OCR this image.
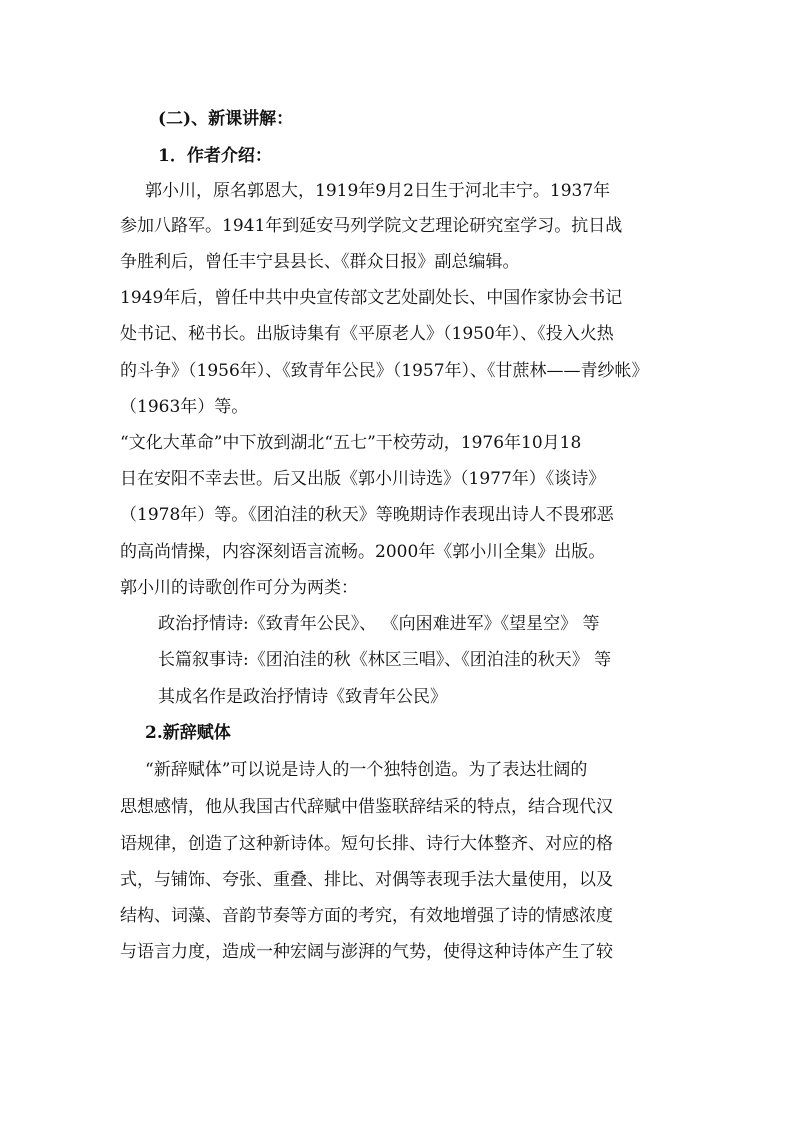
(二)、新课讲解：
1．作者介绍：
郭小川，原名郭恩大，1919年9月2日生于河北丰宁。1937年
参加八路军。1941年到延安马列学院文艺理论研究室学习。抗日战
争胜利后，曾任丰宁县县长、《群众日报》副总编辑。
1949年后，曾任中共中央宣传部文艺处副处长、中国作家协会书记
处书记、秘书长。出版诗集有《平原老人》（1950年）、《投入火热
的斗争》（1956年）、《致青年公民》（1957年）、《甘蔗林——青纱帐》
（1963年）等。
“文化大革命”中下放到湖北“五七”干校劳动，1976年10月18
日在安阳不幸去世。后又出版《郭小川诗选》（1977年）《谈诗》
（1978年）等。《团泊洼的秋天》等晚期诗作表现出诗人不畏邪恶
的高尚情操，内容深刻语言流畅。2000年《郭小川全集》出版。
郭小川的诗歌创作可分为两类：
政治抒情诗:《致青年公民》、 《向困难进军》《望星空》 等
长篇叙事诗:《团泊洼的秋《林区三唱》、《团泊洼的秋天》 等
其成名作是政治抒情诗《致青年公民》
2.新辞赋体
“新辞赋体”可以说是诗人的一个独特创造。为了表达壮阔的
思想感情，他从我国古代辞赋中借鉴联辞结采的特点，结合现代汉
语规律，创造了这种新诗体。短句长排、诗行大体整齐、对应的格
式，与铺饰、夸张、重叠、排比、对偶等表现手法大量使用，以及
结构、词藻、音韵节奏等方面的考究，有效地增强了诗的情感浓度
与语言力度，造成一种宏阔与澎湃的气势，使得这种诗体产生了较
